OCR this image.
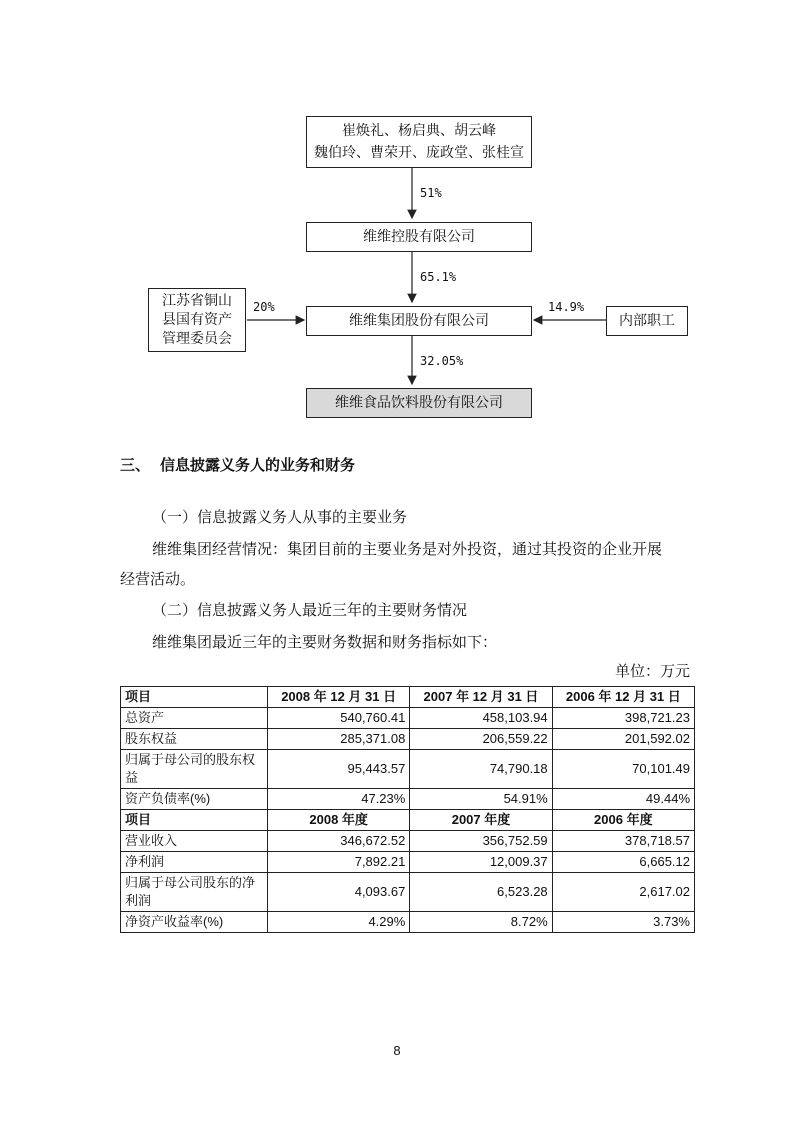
崔焕礼、杨启典、胡云峰
魏伯玲、曹荣开、庞政堂、张桂宣
51%
维维控股有限公司
65.1%
江苏省铜山
县国有资产
管理委员会
20%
维维集团股份有限公司
14.9%
内部职工
32.05%
维维食品饮料股份有限公司
三、 信息披露义务人的业务和财务
（一）信息披露义务人从事的主要业务
维维集团经营情况：集团目前的主要业务是对外投资，通过其投资的企业开展
经营活动。
（二）信息披露义务人最近三年的主要财务情况
维维集团最近三年的主要财务数据和财务指标如下：
单位：万元
项目	2008 年 12 月 31 日	2007 年 12 月 31 日	2006 年 12 月 31 日
总资产	540,760.41	458,103.94	398,721.23
股东权益	285,371.08	206,559.22	201,592.02
归属于母公司的股东权益	95,443.57	74,790.18	70,101.49
资产负债率(%)	47.23%	54.91%	49.44%
项目	2008 年度	2007 年度	2006 年度
营业收入	346,672.52	356,752.59	378,718.57
净利润	7,892.21	12,009.37	6,665.12
归属于母公司股东的净利润	4,093.67	6,523.28	2,617.02
净资产收益率(%)	4.29%	8.72%	3.73%
8
